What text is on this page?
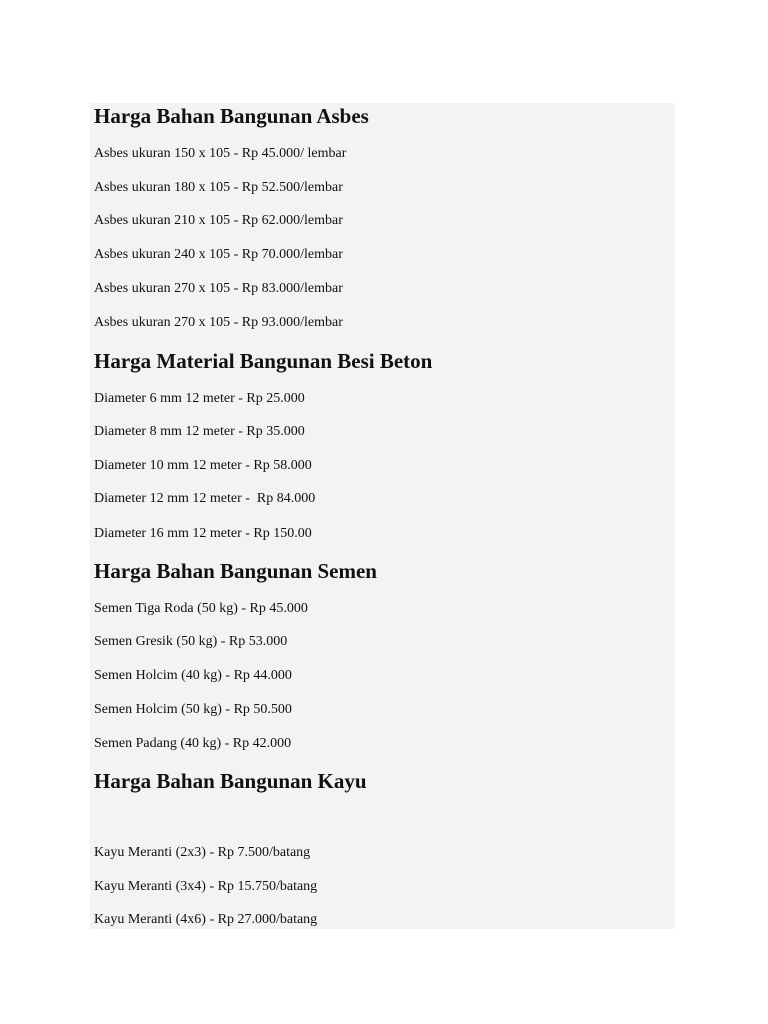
Harga Bahan Bangunan Asbes

Asbes ukuran 150 x 105 - Rp 45.000/ lembar

Asbes ukuran 180 x 105 - Rp 52.500/lembar

Asbes ukuran 210 x 105 - Rp 62.000/lembar

Asbes ukuran 240 x 105 - Rp 70.000/lembar

Asbes ukuran 270 x 105 - Rp 83.000/lembar

Asbes ukuran 270 x 105 - Rp 93.000/lembar

Harga Material Bangunan Besi Beton

Diameter 6 mm 12 meter - Rp 25.000

Diameter 8 mm 12 meter - Rp 35.000

Diameter 10 mm 12 meter - Rp 58.000

Diameter 12 mm 12 meter -  Rp 84.000

Diameter 16 mm 12 meter - Rp 150.00

Harga Bahan Bangunan Semen

Semen Tiga Roda (50 kg) - Rp 45.000

Semen Gresik (50 kg) - Rp 53.000

Semen Holcim (40 kg) - Rp 44.000

Semen Holcim (50 kg) - Rp 50.500

Semen Padang (40 kg) - Rp 42.000

Harga Bahan Bangunan Kayu

Kayu Meranti (2x3) - Rp 7.500/batang

Kayu Meranti (3x4) - Rp 15.750/batang

Kayu Meranti (4x6) - Rp 27.000/batang
